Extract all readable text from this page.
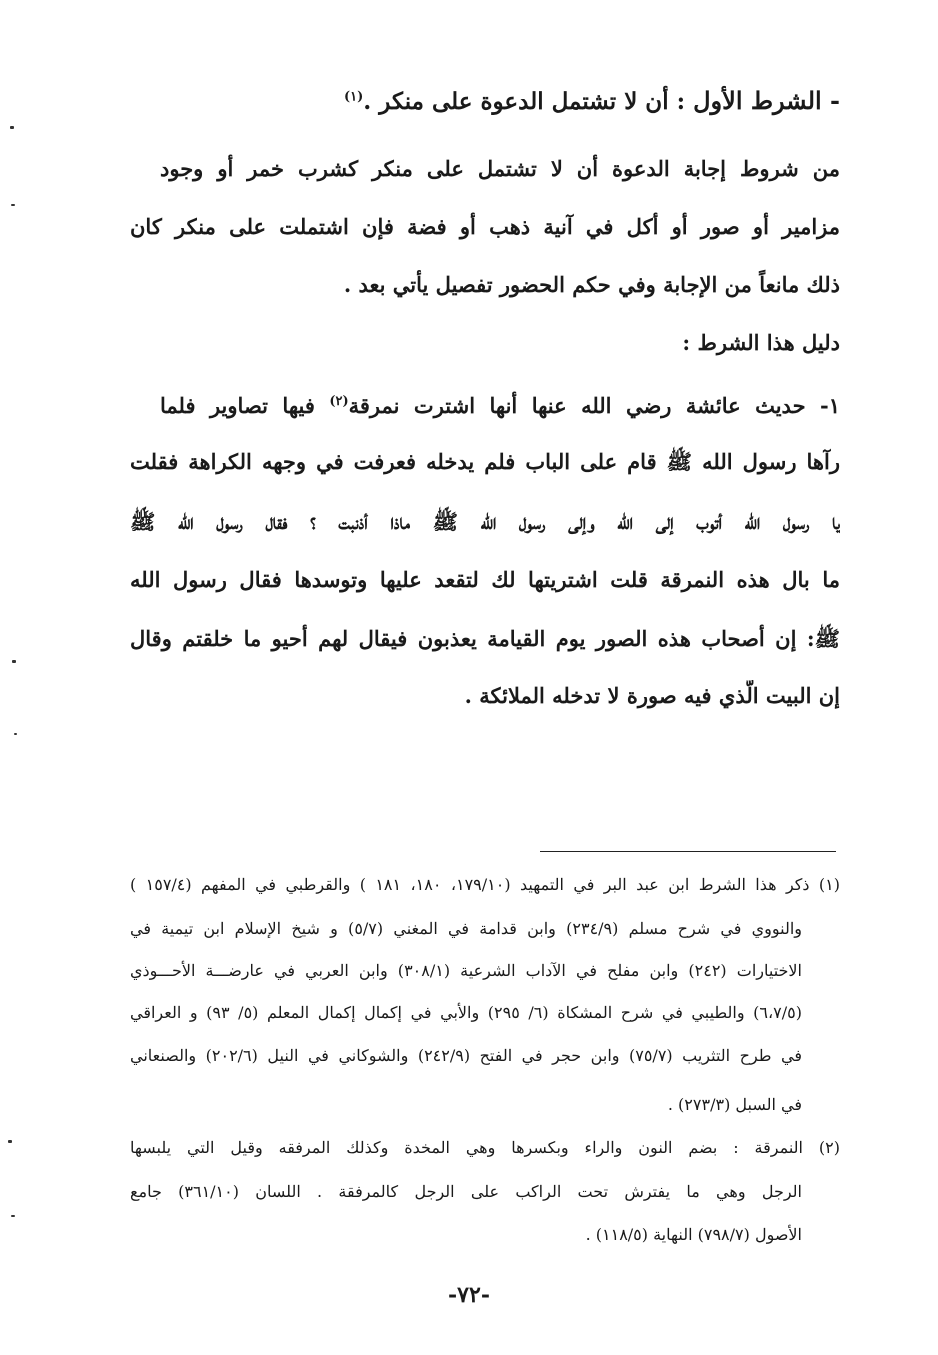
- الشرط الأول : أن لا تشتمل الدعوة على منكر .$^{(١)}$
من شروط إجابة الدعوة أن لا تشتمل على منكر كشرب خمر أو وجود
مزامير أو صور أو أكل في آنية ذهب أو فضة فإن اشتملت على منكر كان
ذلك مانعاً من الإجابة وفي حكم الحضور تفصيل يأتي بعد .
دليل هذا الشرط :
١- حديث عائشة رضي الله عنها أنها اشترت نمرقة$^{(٢)}$ فيها تصاوير فلما
رآها رسول الله ﷺ قام على الباب فلم يدخله فعرفت في وجهه الكراهة فقلت
يا رسول الله أتوب إلى الله وإلى رسول الله ﷺ ماذا أذنبت ؟ فقال رسول الله ﷺ
ما بال هذه النمرقة قلت اشتريتها لك لتقعد عليها وتوسدها فقال رسول الله
ﷺ: إن أصحاب هذه الصور يوم القيامة يعذبون فيقال لهم أحيو ما خلقتم وقال
إن البيت الَّذي فيه صورة لا تدخله الملائكة .
(١) ذكر هذا الشرط ابن عبد البر في التمهيد (١٧٩/١٠، ١٨٠، ١٨١ ) والقرطبي في المفهم (١٥٧/٤ )
والنووي في شرح مسلم (٢٣٤/٩) وابن قدامة في المغني (٥/٧) و شيخ الإسلام ابن تيمية في
الاختيارات (٢٤٢) وابن مفلح في الآداب الشرعية (٣٠٨/١) وابن العربي في عارضـــة الأحـــوذي
(٦،٧/٥) والطيبي في شرح المشكاة (٦/ ٢٩٥) والأبي في إكمال إكمال المعلم (٥/ ٩٣) و العراقي
في طرح التثريب (٧٥/٧) وابن حجر في الفتح (٢٤٢/٩) والشوكاني في النيل (٢٠٢/٦) والصنعاني
في السبل (٢٧٣/٣) .
(٢) النمرقة : بضم النون والراء وبكسرها وهي المخدة وكذلك المرفقه وقيل التي يلبسها
الرجل وهي ما يفترش تحت الراكب على الرجل كالمرفقة . اللسان (٣٦١/١٠) جامع
الأصول (٧٩٨/٧) النهاية (١١٨/٥) .
-٧٢-
